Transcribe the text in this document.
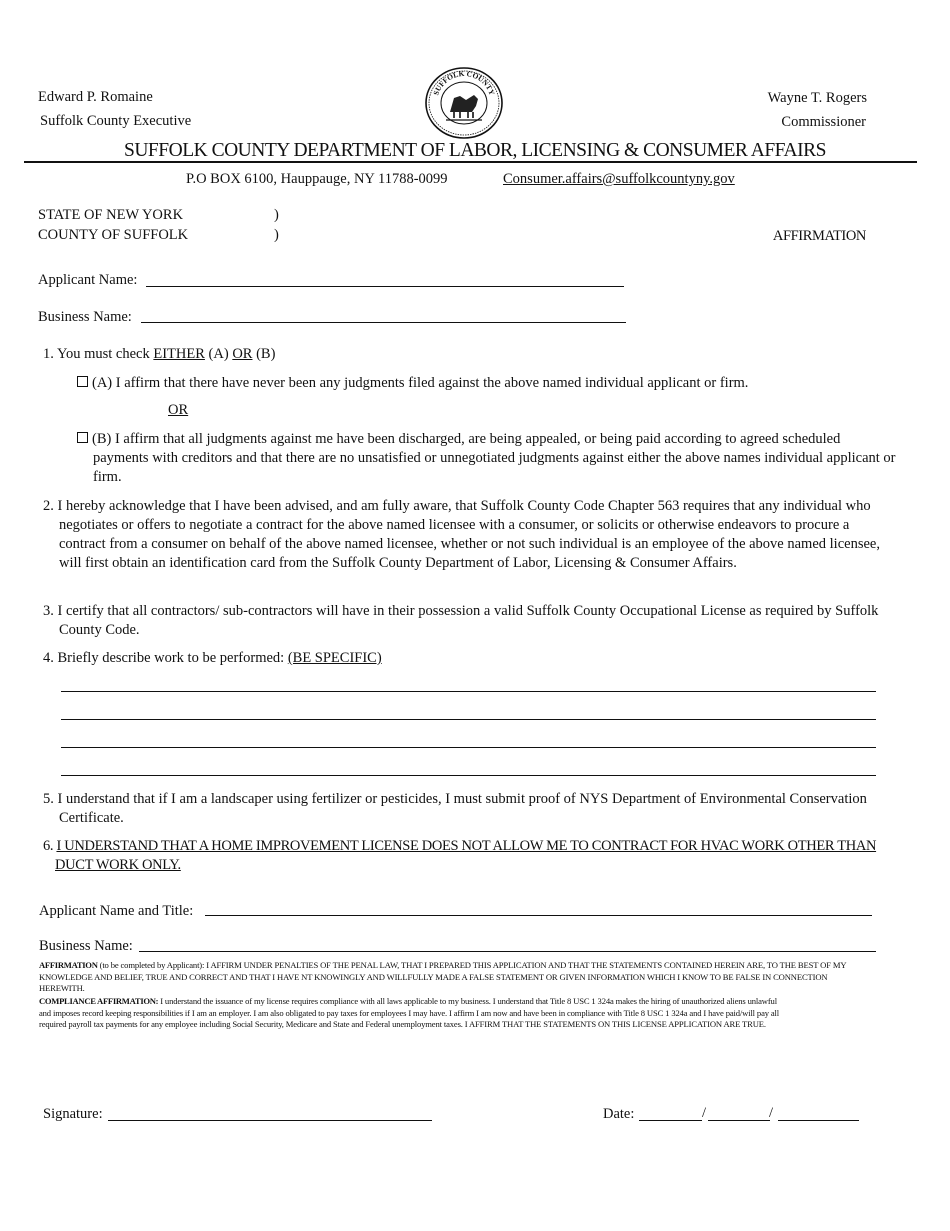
Edward P. Romaine
Suffolk County Executive
Wayne T. Rogers
Commissioner
SUFFOLK COUNTY
SUFFOLK COUNTY DEPARTMENT OF LABOR, LICENSING & CONSUMER AFFAIRS
P.O BOX 6100, Hauppauge, NY 11788-0099	Consumer.affairs@suffolkcountyny.gov
STATE OF NEW YORK
COUNTY OF SUFFOLK
)
)	AFFIRMATION
Applicant Name:
Business Name:
1. You must check EITHER (A) OR (B)
(A) I affirm that there have never been any judgments filed against the above named individual applicant or firm.
OR
(B) I affirm that all judgments against me have been discharged, are being appealed, or being paid according to agreed scheduled payments with creditors and that there are no unsatisfied or unnegotiated judgments against either the above names individual applicant or firm.
2. I hereby acknowledge that I have been advised, and am fully aware, that Suffolk County Code Chapter 563 requires that any individual who negotiates or offers to negotiate a contract for the above named licensee with a consumer, or solicits or otherwise endeavors to procure a contract from a consumer on behalf of the above named licensee, whether or not such individual is an employee of the above named licensee, will first obtain an identification card from the Suffolk County Department of Labor, Licensing & Consumer Affairs.
3. I certify that all contractors/ sub-contractors will have in their possession a valid Suffolk County Occupational License as required by Suffolk County Code.
4. Briefly describe work to be performed: (BE SPECIFIC)
5. I understand that if I am a landscaper using fertilizer or pesticides, I must submit proof of NYS Department of Environmental Conservation Certificate.
6. I UNDERSTAND THAT A HOME IMPROVEMENT LICENSE DOES NOT ALLOW ME TO CONTRACT FOR HVAC WORK OTHER THAN DUCT WORK ONLY.
Applicant Name and Title:
Business Name:
AFFIRMATION (to be completed by Applicant): I AFFIRM UNDER PENALTIES OF THE PENAL LAW, THAT I PREPARED THIS APPLICATION AND THAT THE STATEMENTS CONTAINED HEREIN ARE, TO THE BEST OF MY KNOWLEDGE AND BELIEF, TRUE AND CORRECT AND THAT I HAVE NT KNOWINGLY AND WILLFULLY MADE A FALSE STATEMENT OR GIVEN INFORMATION WHICH I KNOW TO BE FALSE IN CONNECTION HEREWITH.
COMPLIANCE AFFIRMATION: I understand the issuance of my license requires compliance with all laws applicable to my business. I understand that Title 8 USC 1 324a makes the hiring of unauthorized aliens unlawful and imposes record keeping responsibilities if I am an employer. I am also obligated to pay taxes for employees I may have. I affirm I am now and have been in compliance with Title 8 USC 1 324a and I have paid/will pay all required payroll tax payments for any employee including Social Security, Medicare and State and Federal unemployment taxes. I AFFIRM THAT THE STATEMENTS ON THIS LICENSE APPLICATION ARE TRUE.
Signature:	Date:	/	/
